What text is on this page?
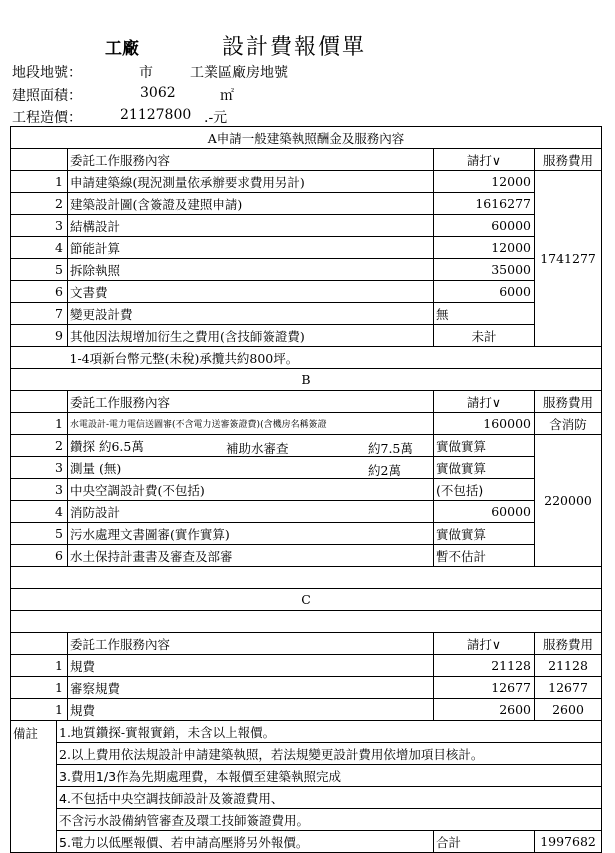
工廠	設計費報價單
地段地號：	市	工業區廠房地號
建照面積：	3062	㎡
工程造價：	21127800 .-元
A申請一般建築執照酬金及服務內容				
		委託工作服務內容	請打∨	服務費用
1		申請建築線(現況測量依承辦要求費用另計)	12000	1741277
2		建築設計圖(含簽證及建照申請)	1616277	
3		結構設計	60000	
4		節能計算	12000	
5		拆除執照	35000	
6		文書費	6000	
7		變更設計費	無	
9		其他因法規增加衍生之費用(含技師簽證費)	未計	
		1-4項新台幣元整(未稅)承攬共約800坪。		
B				
		委託工作服務內容	請打∨	服務費用
1		水電設計-電力電信送圖審(不含電力送審簽證費)(含機房名稱簽證	160000	含消防
2		鑽探 約6.5萬 補助水審查 約7.5萬	實做實算	220000
3		測量 (無) 約2萬	實做實算	
3		中央空調設計費(不包括)	(不包括)	
4		消防設計	60000	
5		污水處理文書圖審(實作實算)	實做實算	
6		水土保持計畫書及審查及部審	暫不估計	

C				

		委託工作服務內容	請打∨	服務費用
1		規費	21128	21128
1		審察規費	12677	12677
1		規費	2600	2600
備註	1.地質鑽探-實報實銷，未含以上報價。			
	2.以上費用依法規設計申請建築執照，若法規變更設計費用依增加項目核計。			
	3.費用1/3作為先期處理費，本報價至建築執照完成			
	4.不包括中央空調技師設計及簽證費用、			
	不含污水設備納管審查及環工技師簽證費用。			
	5.電力以低壓報價、若申請高壓將另外報價。		合計	1997682
